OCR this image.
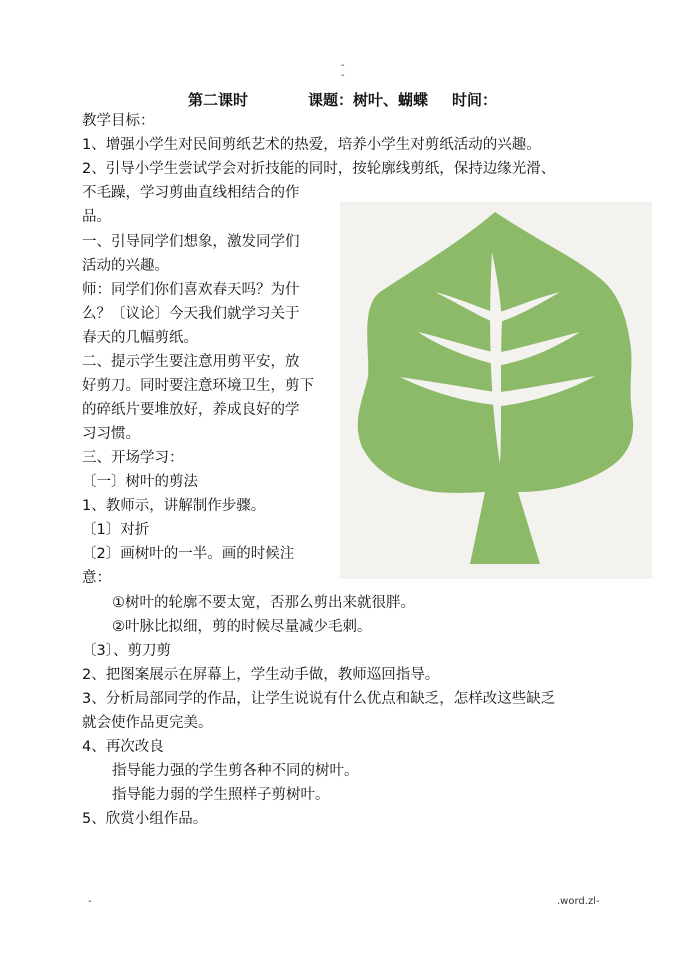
-
-
第二课时	课题：树叶、蝴蝶 时间：
教学目标：
1、增强小学生对民间剪纸艺术的热爱，培养小学生对剪纸活动的兴趣。
2、引导小学生尝试学会对折技能的同时，按轮廓线剪纸，保持边缘光滑、
不毛躁，学习剪曲直线相结合的作
品。
一、引导同学们想象，激发同学们
活动的兴趣。
师：同学们你们喜欢春天吗？为什
么？〔议论〕今天我们就学习关于
春天的几幅剪纸。
二、提示学生要注意用剪平安，放
好剪刀。同时要注意环境卫生，剪下
的碎纸片要堆放好，养成良好的学
习习惯。
三、开场学习：
〔一〕树叶的剪法
1、教师示，讲解制作步骤。
〔1〕对折
〔2〕画树叶的一半。画的时候注
意：
①树叶的轮廓不要太宽，否那么剪出来就很胖。
②叶脉比拟细，剪的时候尽量减少毛刺。
〔3〕、剪刀剪
2、把图案展示在屏幕上，学生动手做，教师巡回指导。
3、分析局部同学的作品，让学生说说有什么优点和缺乏，怎样改这些缺乏
就会使作品更完美。
4、再次改良
指导能力强的学生剪各种不同的树叶。
指导能力弱的学生照样子剪树叶。
5、欣赏小组作品。
-	.word.zl-
